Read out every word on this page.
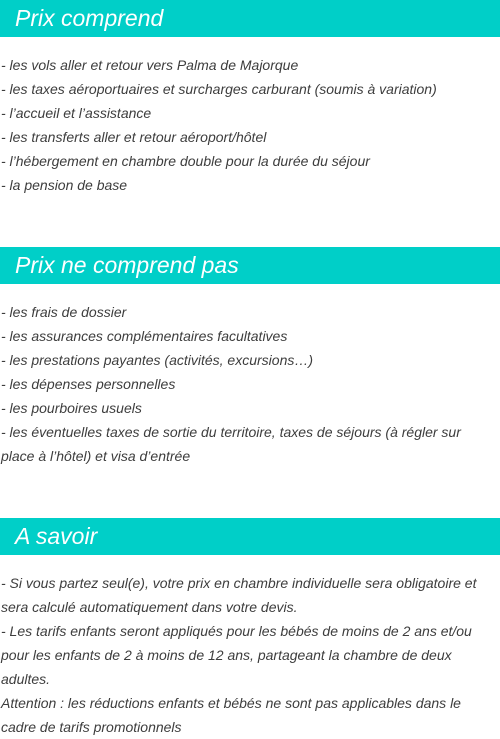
Prix comprend
- les vols aller et retour vers Palma de Majorque
- les taxes aéroportuaires et surcharges carburant (soumis à variation)
- l’accueil et l’assistance
- les transferts aller et retour aéroport/hôtel
- l’hébergement en chambre double pour la durée du séjour
- la pension de base
Prix ne comprend pas
- les frais de dossier
- les assurances complémentaires facultatives
- les prestations payantes (activités, excursions…)
- les dépenses personnelles
- les pourboires usuels
- les éventuelles taxes de sortie du territoire, taxes de séjours (à régler sur place à l’hôtel) et visa d’entrée
A savoir
- Si vous partez seul(e), votre prix en chambre individuelle sera obligatoire et sera calculé automatiquement dans votre devis.
- Les tarifs enfants seront appliqués pour les bébés de moins de 2 ans et/ou pour les enfants de 2 à moins de 12 ans, partageant la chambre de deux adultes.
Attention : les réductions enfants et bébés ne sont pas applicables dans le cadre de tarifs promotionnels
